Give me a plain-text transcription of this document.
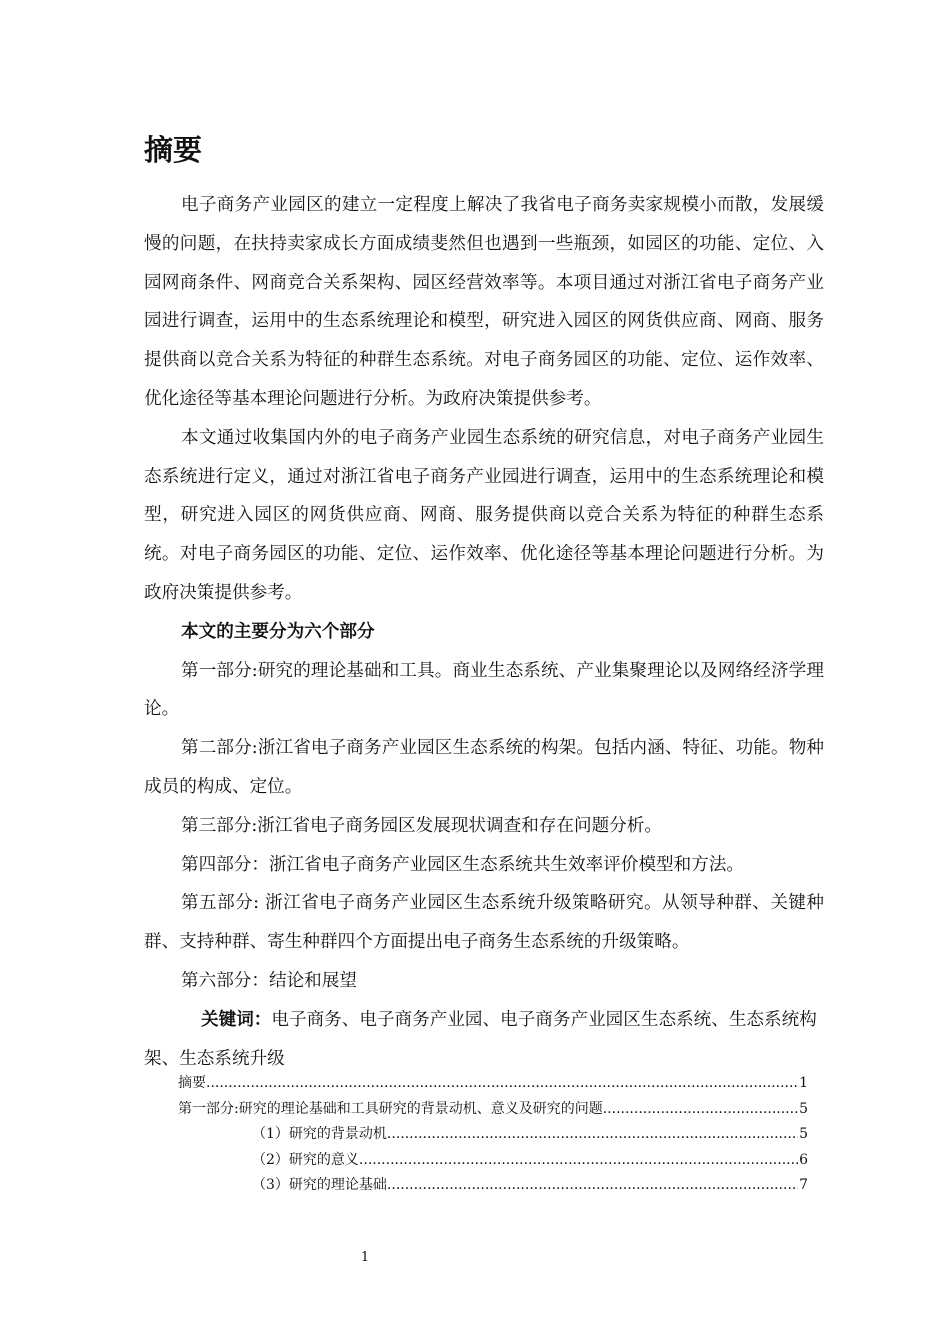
摘要

电子商务产业园区的建立一定程度上解决了我省电子商务卖家规模小而散，发展缓慢的问题，在扶持卖家成长方面成绩斐然但也遇到一些瓶颈，如园区的功能、定位、入园网商条件、网商竞合关系架构、园区经营效率等。本项目通过对浙江省电子商务产业园进行调查，运用中的生态系统理论和模型，研究进入园区的网货供应商、网商、服务提供商以竞合关系为特征的种群生态系统。对电子商务园区的功能、定位、运作效率、优化途径等基本理论问题进行分析。为政府决策提供参考。

本文通过收集国内外的电子商务产业园生态系统的研究信息，对电子商务产业园生态系统进行定义，通过对浙江省电子商务产业园进行调查，运用中的生态系统理论和模型，研究进入园区的网货供应商、网商、服务提供商以竞合关系为特征的种群生态系统。对电子商务园区的功能、定位、运作效率、优化途径等基本理论问题进行分析。为政府决策提供参考。

本文的主要分为六个部分

第一部分:研究的理论基础和工具。商业生态系统、产业集聚理论以及网络经济学理论。

第二部分:浙江省电子商务产业园区生态系统的构架。包括内涵、特征、功能。物种成员的构成、定位。

第三部分:浙江省电子商务园区发展现状调查和存在问题分析。

第四部分：浙江省电子商务产业园区生态系统共生效率评价模型和方法。

第五部分: 浙江省电子商务产业园区生态系统升级策略研究。从领导种群、关键种群、支持种群、寄生种群四个方面提出电子商务生态系统的升级策略。

第六部分：结论和展望

关键词：电子商务、电子商务产业园、电子商务产业园区生态系统、生态系统构架、生态系统升级

摘要 .....	1
第一部分:研究的理论基础和工具研究的背景动机、意义及研究的问题 .....	5
（1）研究的背景动机 .....	5
（2）研究的意义 .....	6
（3）研究的理论基础 .....	7
1
